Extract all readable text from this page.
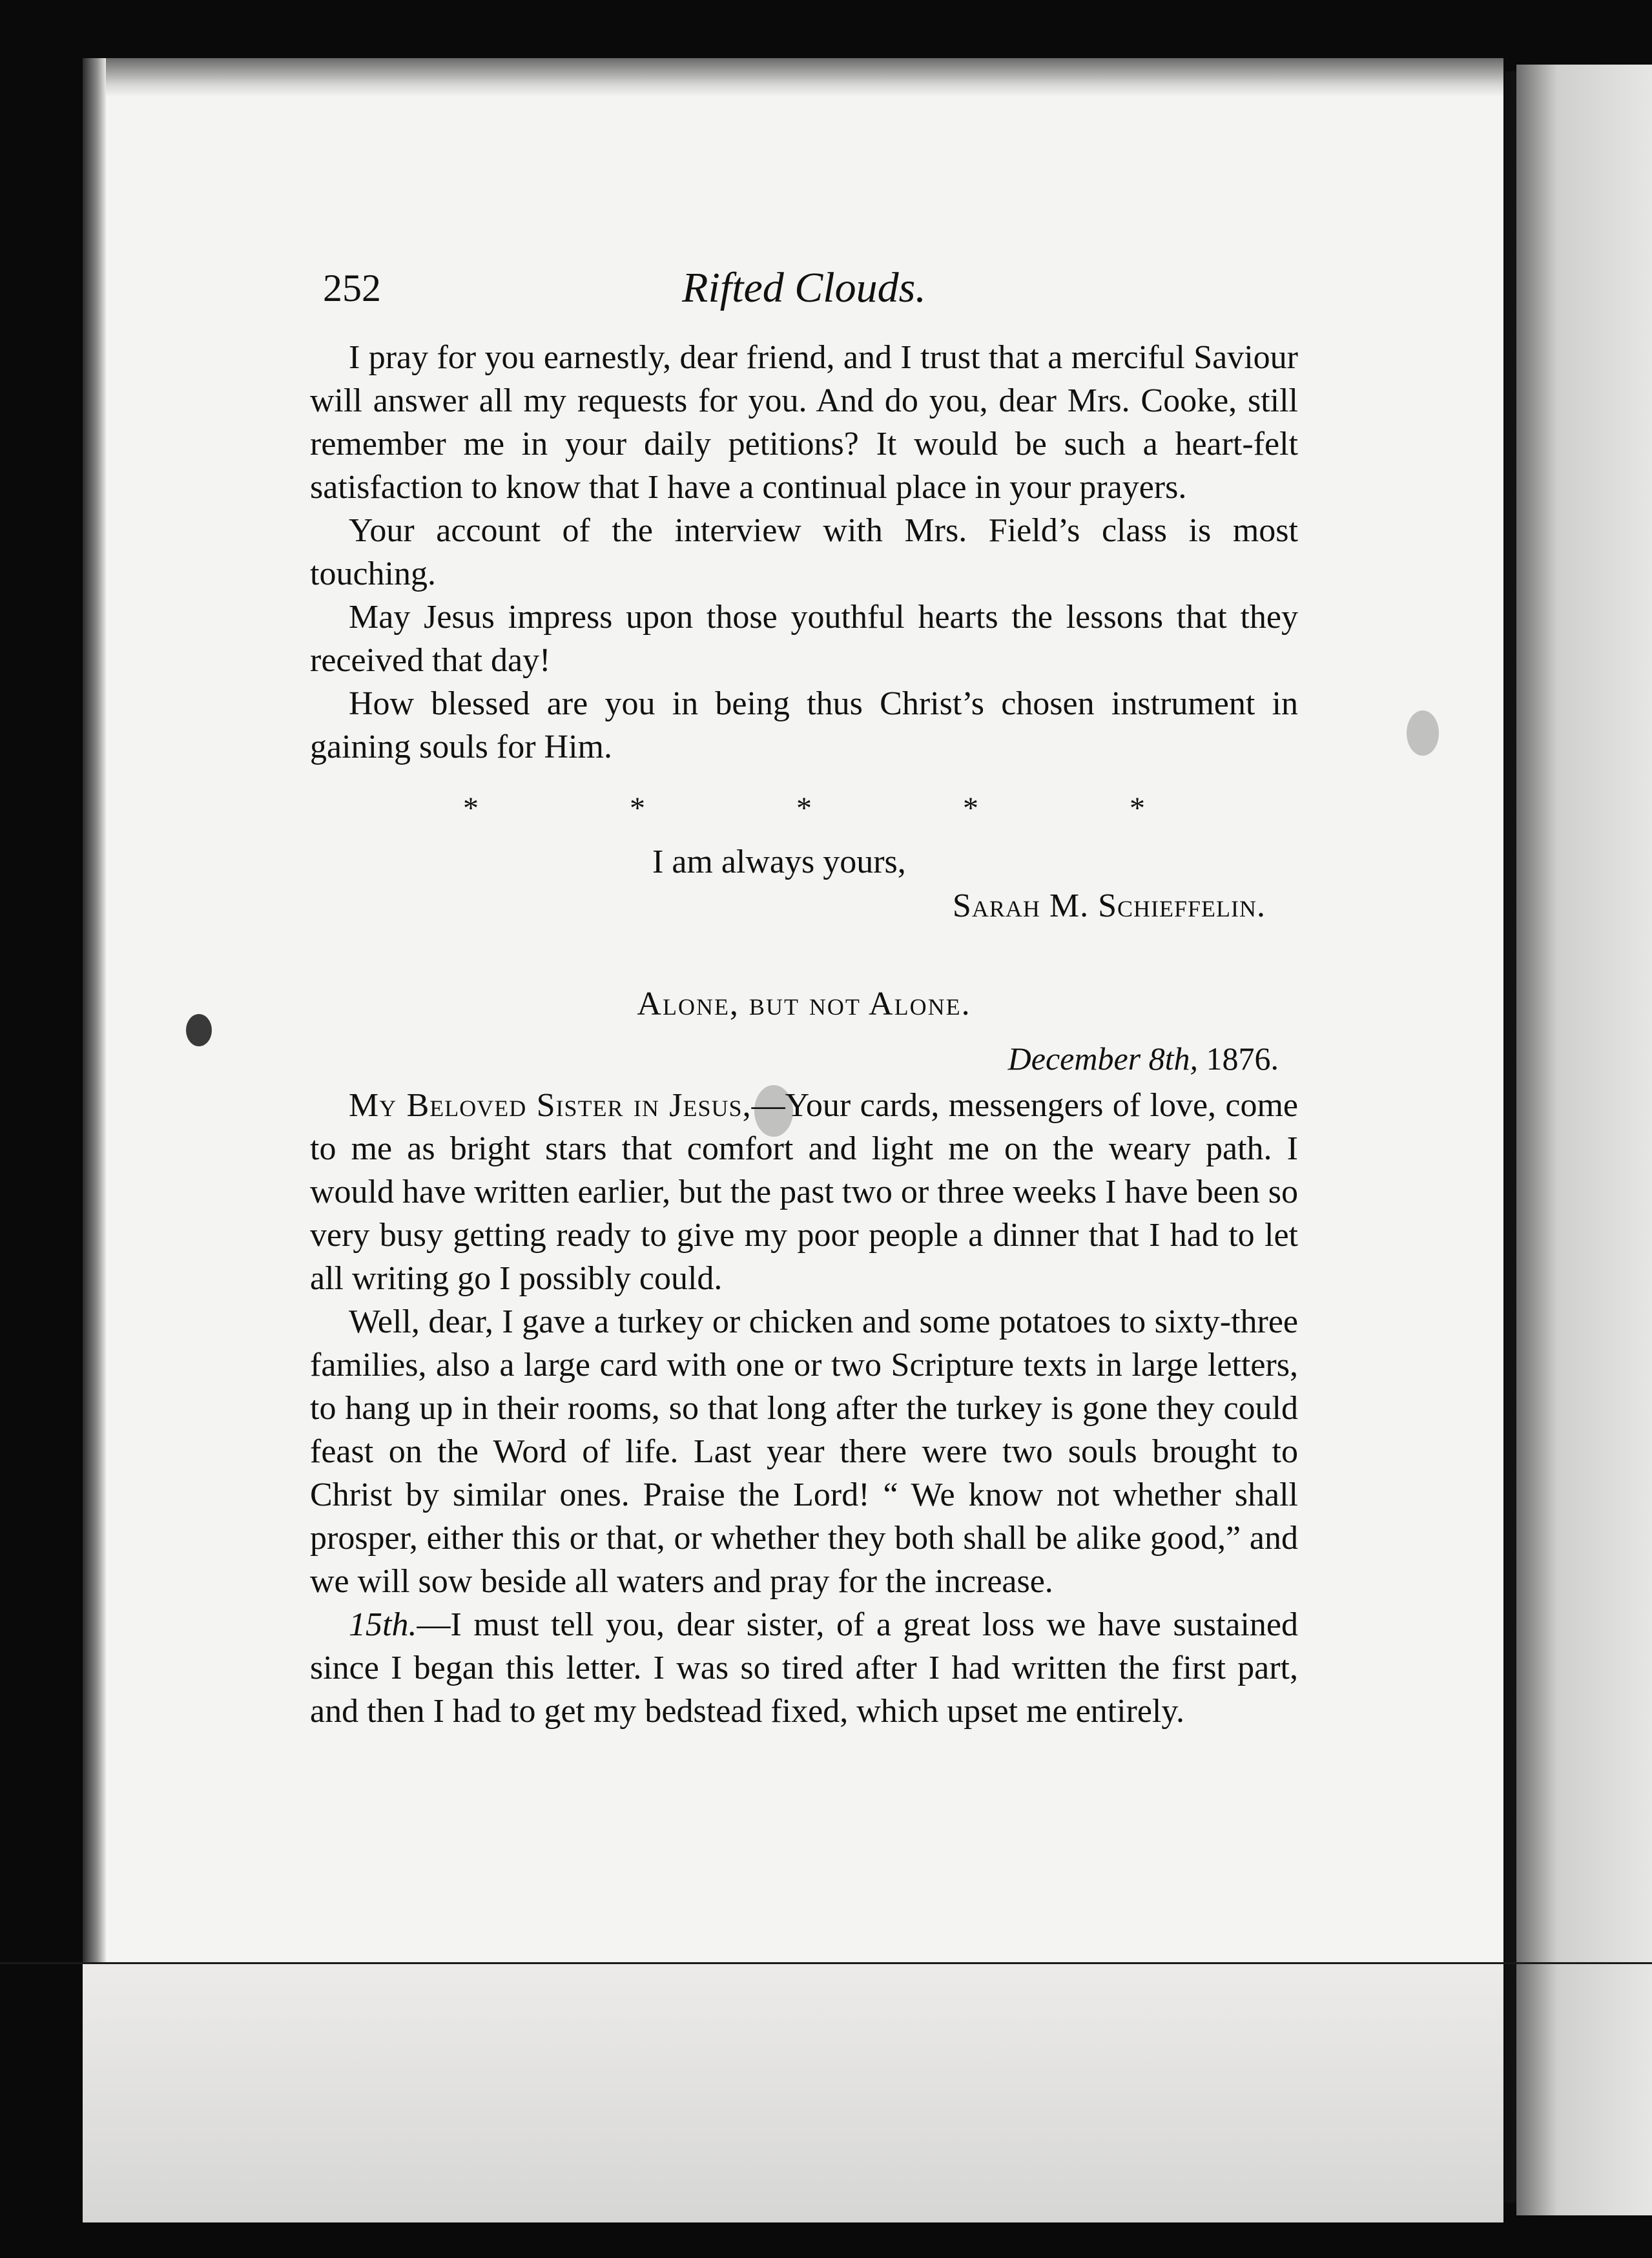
252	Rifted Clouds.

I pray for you earnestly, dear friend, and I trust that a merciful Saviour will answer all my requests for you. And do you, dear Mrs. Cooke, still remember me in your daily petitions? It would be such a heart-felt satisfaction to know that I have a continual place in your prayers.

Your account of the interview with Mrs. Field’s class is most touching.

May Jesus impress upon those youthful hearts the lessons that they received that day!

How blessed are you in being thus Christ’s chosen instrument in gaining souls for Him.

*	*	*	*	*
I am always yours,
Sarah M. Schieffelin.
Alone, but not Alone.
December 8th, 1876.

My Beloved Sister in Jesus,—Your cards, messengers of love, come to me as bright stars that comfort and light me on the weary path. I would have written earlier, but the past two or three weeks I have been so very busy getting ready to give my poor people a dinner that I had to let all writing go I possibly could.

Well, dear, I gave a turkey or chicken and some potatoes to sixty-three families, also a large card with one or two Scripture texts in large letters, to hang up in their rooms, so that long after the turkey is gone they could feast on the Word of life. Last year there were two souls brought to Christ by similar ones. Praise the Lord! “ We know not whether shall prosper, either this or that, or whether they both shall be alike good,” and we will sow beside all waters and pray for the increase.

15th.—I must tell you, dear sister, of a great loss we have sustained since I began this letter. I was so tired after I had written the first part, and then I had to get my bedstead fixed, which upset me entirely.
